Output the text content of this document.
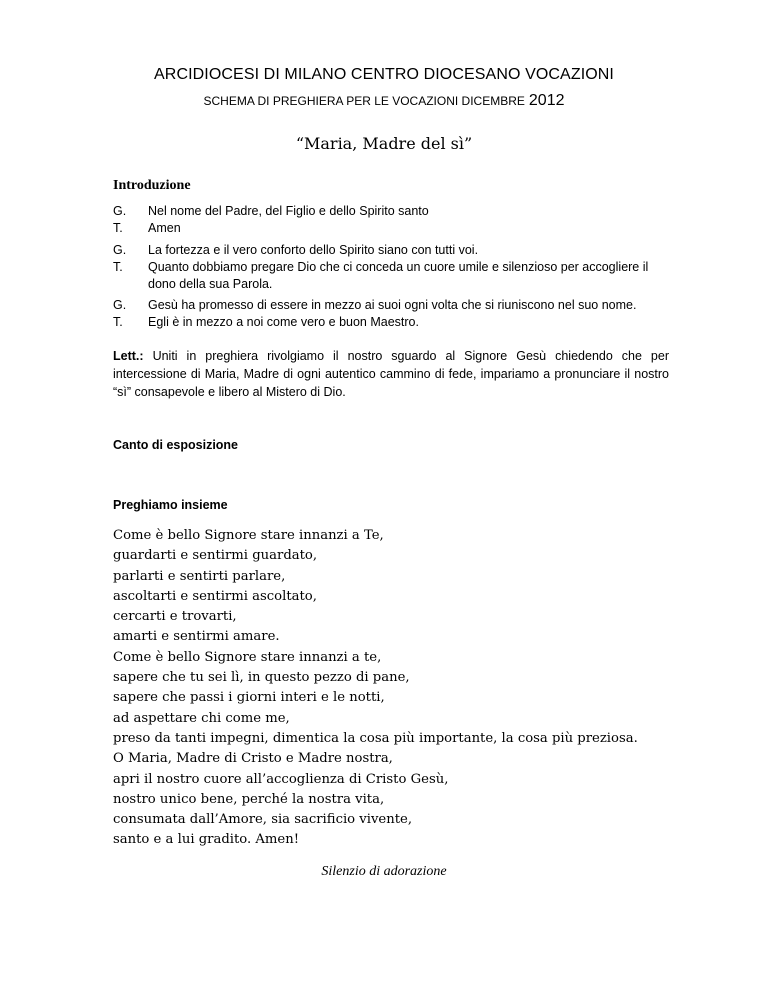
ARCIDIOCESI DI MILANO CENTRO DIOCESANO VOCAZIONI
SCHEMA DI PREGHIERA PER LE VOCAZIONI DICEMBRE 2012
“Maria, Madre del sì”
Introduzione
G.	Nel nome del Padre, del Figlio e dello Spirito santo
T.	Amen
G.	La fortezza e il vero conforto dello Spirito siano con tutti voi.
T.	Quanto dobbiamo pregare Dio che ci conceda un cuore umile e silenzioso per accogliere il dono della sua Parola.
G.	Gesù ha promesso di essere in mezzo ai suoi ogni volta che si riuniscono nel suo nome.
T.	Egli è in mezzo a noi come vero e buon Maestro.
Lett.: Uniti in preghiera rivolgiamo il nostro sguardo al Signore Gesù chiedendo che per intercessione di Maria, Madre di ogni autentico cammino di fede, impariamo a pronunciare il nostro “sì” consapevole e libero al Mistero di Dio.
Canto di esposizione
Preghiamo insieme
Come è bello Signore stare innanzi a Te,
guardarti e sentirmi guardato,
parlarti e sentirti parlare,
ascoltarti e sentirmi ascoltato,
cercarti e trovarti,
amarti e sentirmi amare.
Come è bello Signore stare innanzi a te,
sapere che tu sei lì, in questo pezzo di pane,
sapere che passi i giorni interi e le notti,
ad aspettare chi come me,
preso da tanti impegni, dimentica la cosa più importante, la cosa più preziosa.
O Maria, Madre di Cristo e Madre nostra,
apri il nostro cuore all’accoglienza di Cristo Gesù,
nostro unico bene, perché la nostra vita,
consumata dall’Amore, sia sacrificio vivente,
santo e a lui gradito. Amen!
Silenzio di adorazione
